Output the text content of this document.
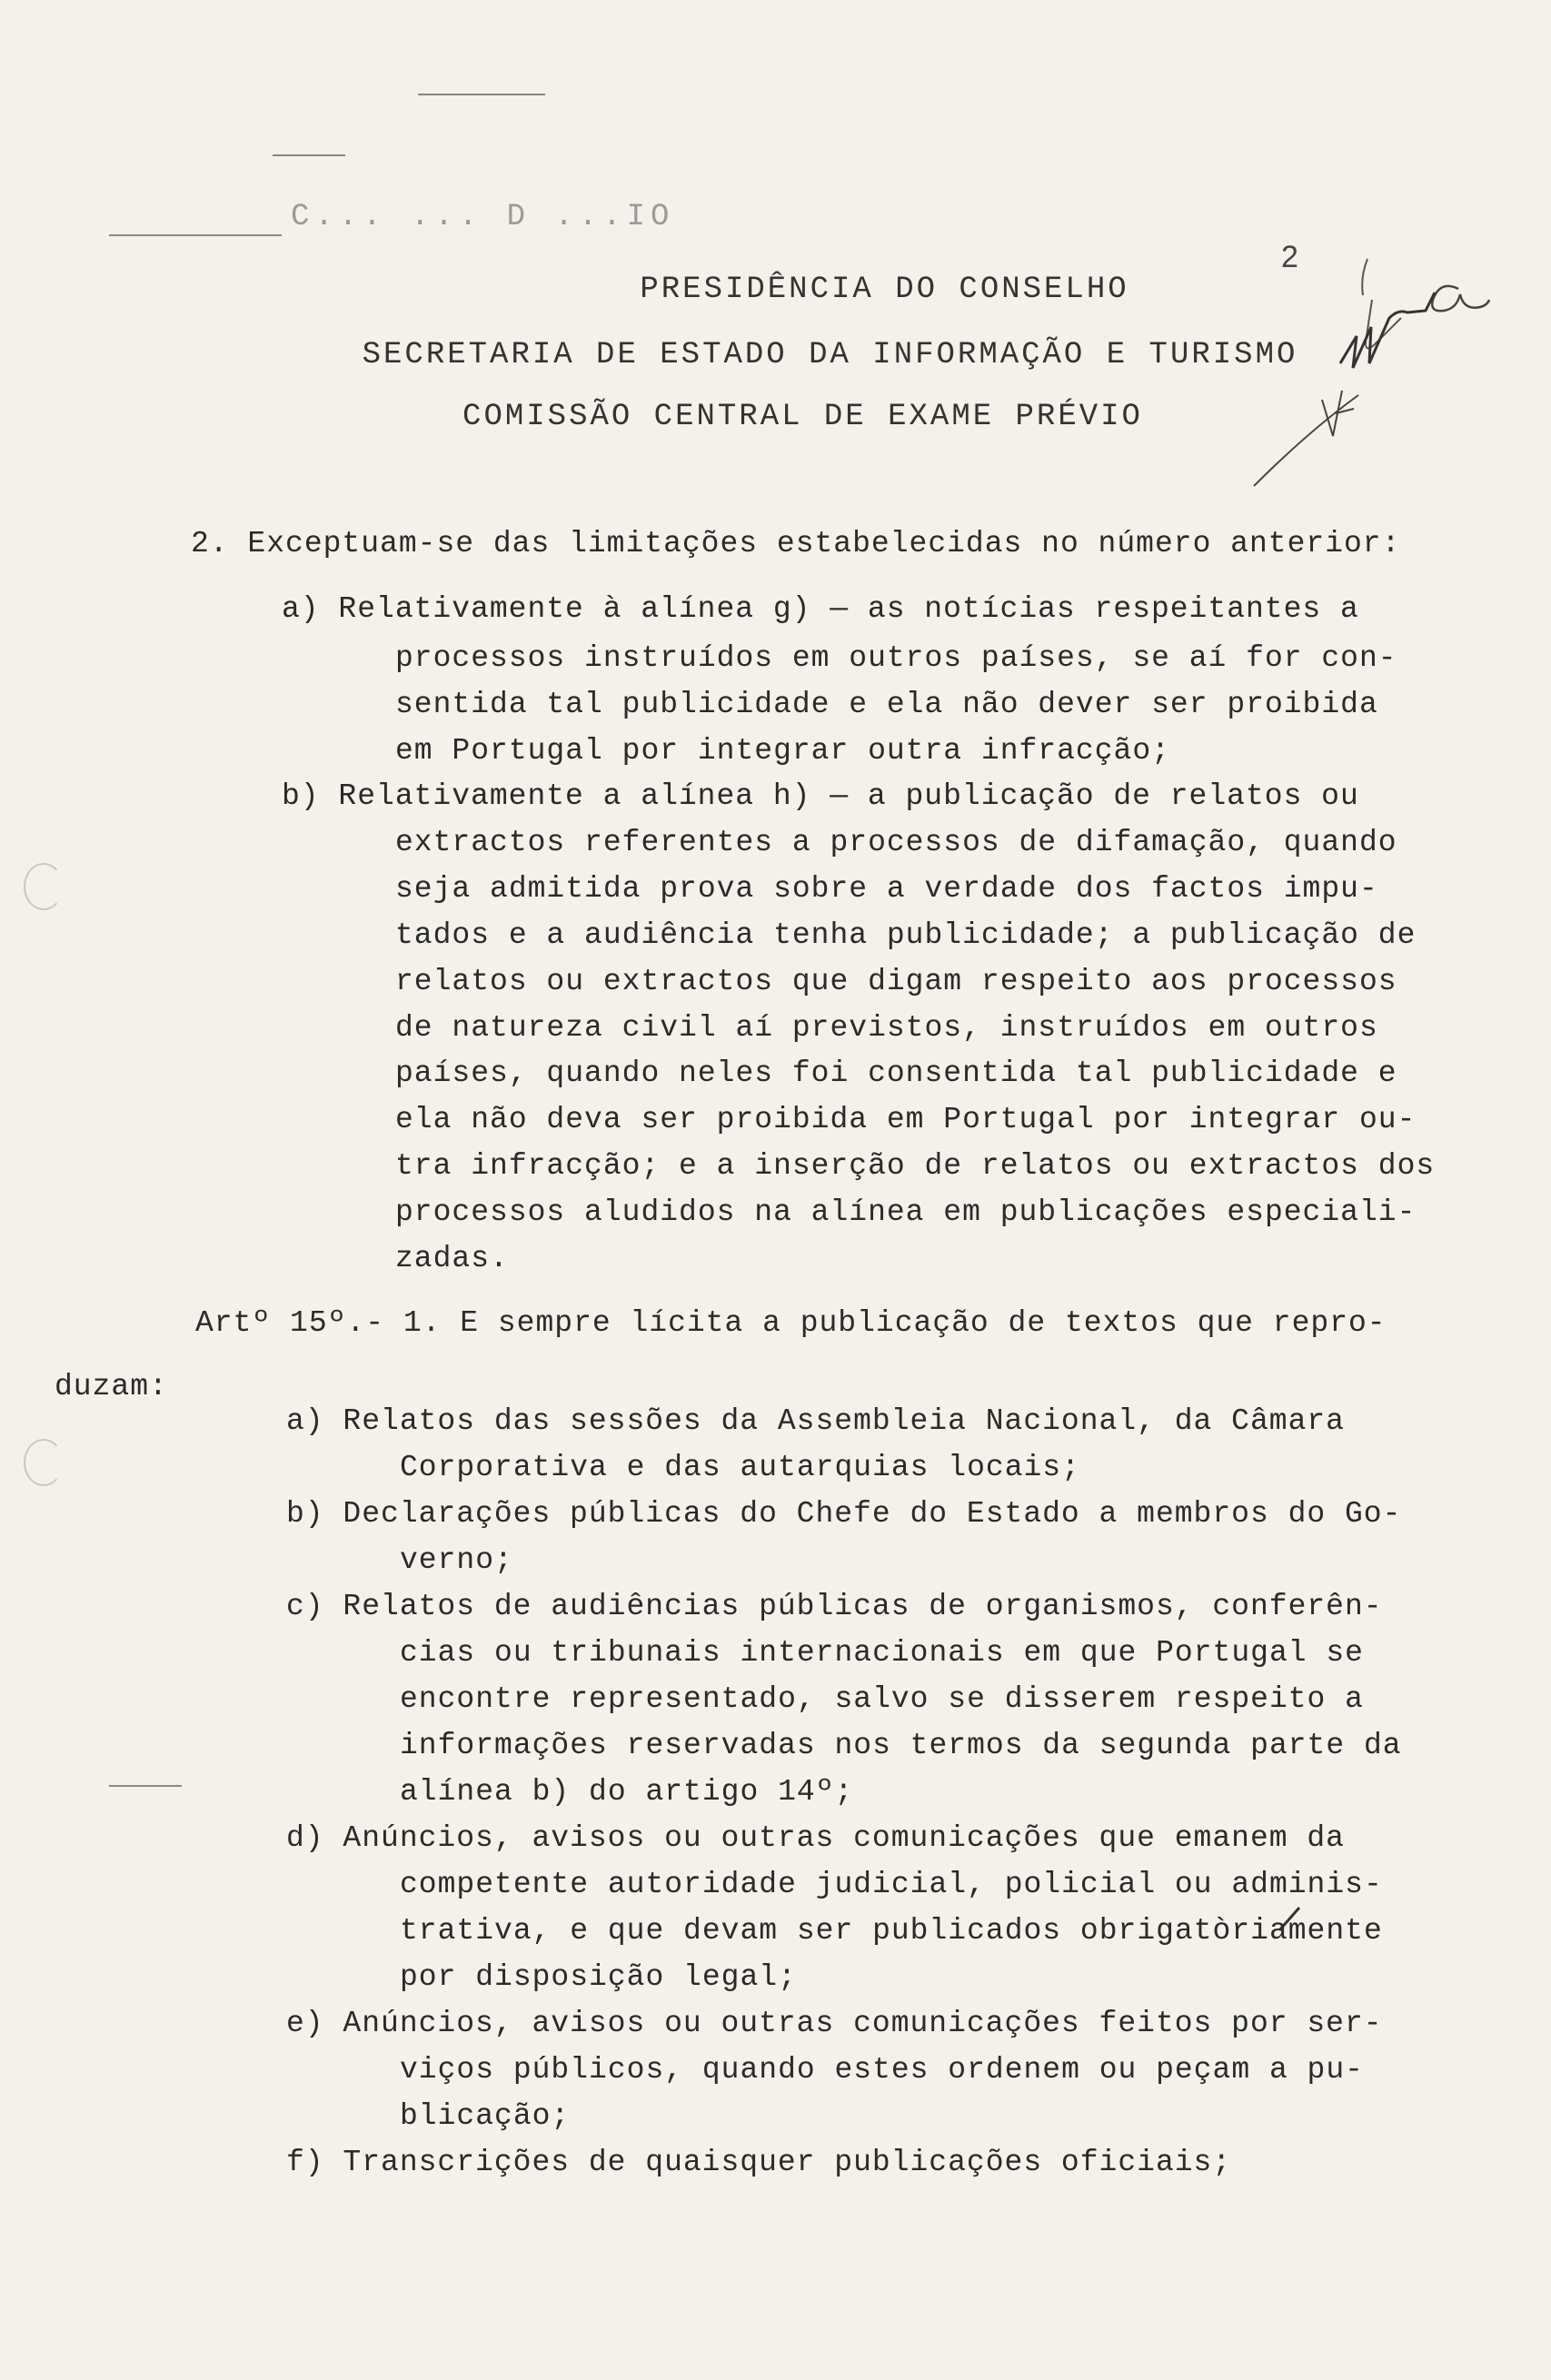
C... ... D ...IO
2
PRESIDÊNCIA DO CONSELHO
SECRETARIA DE ESTADO DA INFORMAÇÃO E TURISMO
COMISSÃO CENTRAL DE EXAME PRÉVIO
2. Exceptuam-se das limitações estabelecidas no número anterior:
a) Relativamente à alínea g) — as notícias respeitantes a
processos instruídos em outros países, se aí for con-
sentida tal publicidade e ela não dever ser proibida
em Portugal por integrar outra infracção;
b) Relativamente a alínea h) — a publicação de relatos ou
extractos referentes a processos de difamação, quando
seja admitida prova sobre a verdade dos factos impu-
tados e a audiência tenha publicidade; a publicação de
relatos ou extractos que digam respeito aos processos
de natureza civil aí previstos, instruídos em outros
países, quando neles foi consentida tal publicidade e
ela não deva ser proibida em Portugal por integrar ou-
tra infracção; e a inserção de relatos ou extractos dos
processos aludidos na alínea em publicações especiali-
zadas.
Artº 15º.- 1. E sempre lícita a publicação de textos que repro-
duzam:
a) Relatos das sessões da Assembleia Nacional, da Câmara
Corporativa e das autarquias locais;
b) Declarações públicas do Chefe do Estado a membros do Go-
verno;
c) Relatos de audiências públicas de organismos, conferên-
cias ou tribunais internacionais em que Portugal se
encontre representado, salvo se disserem respeito a
informações reservadas nos termos da segunda parte da
alínea b) do artigo 14º;
d) Anúncios, avisos ou outras comunicações que emanem da
competente autoridade judicial, policial ou adminis-
trativa, e que devam ser publicados obrigatòriamente
por disposição legal;
e) Anúncios, avisos ou outras comunicações feitos por ser-
viços públicos, quando estes ordenem ou peçam a pu-
blicação;
f) Transcrições de quaisquer publicações oficiais;
